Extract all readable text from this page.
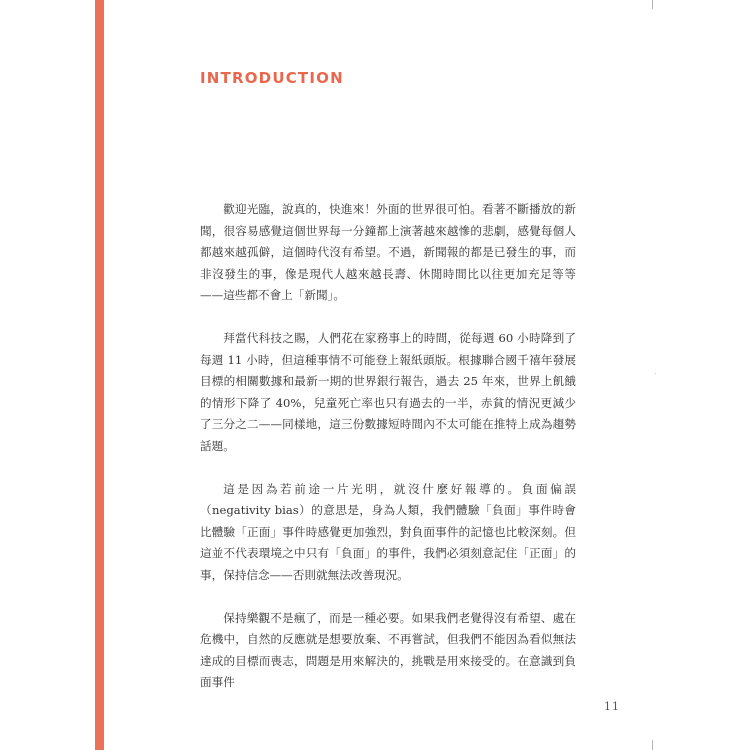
INTRODUCTION

歡迎光臨，說真的，快進來！外面的世界很可怕。看著不斷播放的新聞，很容易感覺這個世界每一分鐘都上演著越來越慘的悲劇，感覺每個人都越來越孤僻，這個時代沒有希望。不過，新聞報的都是已發生的事，而非沒發生的事，像是現代人越來越長壽、休閒時間比以往更加充足等等——這些都不會上「新聞」。

拜當代科技之賜，人們花在家務事上的時間，從每週 60 小時降到了每週 11 小時，但這種事情不可能登上報紙頭版。根據聯合國千禧年發展目標的相關數據和最新一期的世界銀行報告，過去 25 年來，世界上飢餓的情形下降了 40%，兒童死亡率也只有過去的一半，赤貧的情況更減少了三分之二——同樣地，這三份數據短時間內不太可能在推特上成為趨勢話題。

這是因為若前途一片光明，就沒什麼好報導的。負面偏誤（negativity bias）的意思是，身為人類，我們體驗「負面」事件時會比體驗「正面」事件時感覺更加強烈，對負面事件的記憶也比較深刻。但這並不代表環境之中只有「負面」的事件，我們必須刻意記住「正面」的事，保持信念——否則就無法改善現況。

保持樂觀不是瘋了，而是一種必要。如果我們老覺得沒有希望、處在危機中，自然的反應就是想要放棄、不再嘗試，但我們不能因為看似無法達成的目標而喪志，問題是用來解決的，挑戰是用來接受的。在意識到負面事件

11
